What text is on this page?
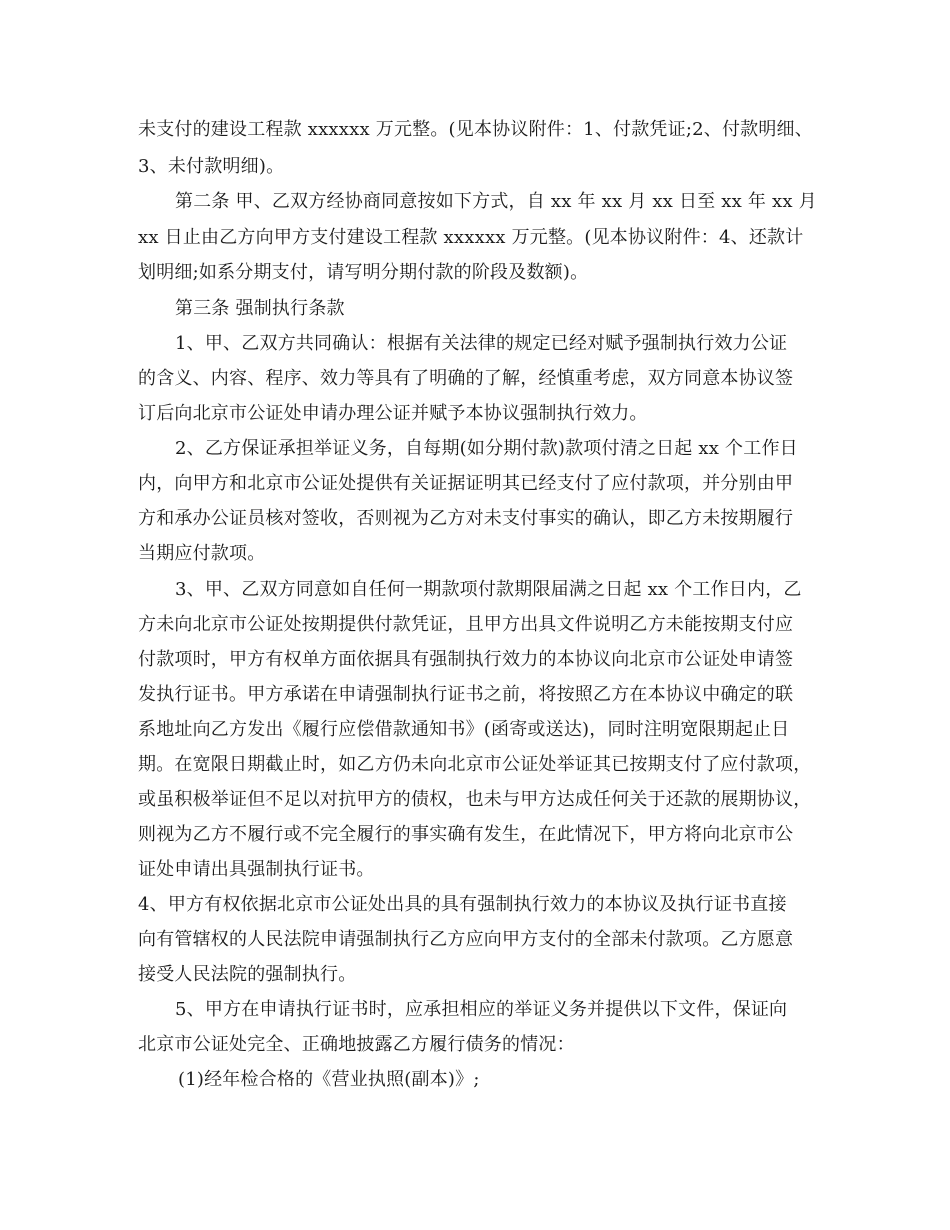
未支付的建设工程款 xxxxxx 万元整。(见本协议附件：1、付款凭证;2、付款明细、
3、未付款明细)。
第二条 甲、乙双方经协商同意按如下方式，自 xx 年 xx 月 xx 日至 xx 年 xx 月
xx 日止由乙方向甲方支付建设工程款 xxxxxx 万元整。(见本协议附件：4、还款计
划明细;如系分期支付，请写明分期付款的阶段及数额)。
第三条 强制执行条款
1、甲、乙双方共同确认：根据有关法律的规定已经对赋予强制执行效力公证
的含义、内容、程序、效力等具有了明确的了解，经慎重考虑，双方同意本协议签
订后向北京市公证处申请办理公证并赋予本协议强制执行效力。
2、乙方保证承担举证义务，自每期(如分期付款)款项付清之日起 xx 个工作日
内，向甲方和北京市公证处提供有关证据证明其已经支付了应付款项，并分别由甲
方和承办公证员核对签收，否则视为乙方对未支付事实的确认，即乙方未按期履行
当期应付款项。
3、甲、乙双方同意如自任何一期款项付款期限届满之日起 xx 个工作日内，乙
方未向北京市公证处按期提供付款凭证，且甲方出具文件说明乙方未能按期支付应
付款项时，甲方有权单方面依据具有强制执行效力的本协议向北京市公证处申请签
发执行证书。甲方承诺在申请强制执行证书之前，将按照乙方在本协议中确定的联
系地址向乙方发出《履行应偿借款通知书》(函寄或送达)，同时注明宽限期起止日
期。在宽限日期截止时，如乙方仍未向北京市公证处举证其已按期支付了应付款项，
或虽积极举证但不足以对抗甲方的债权，也未与甲方达成任何关于还款的展期协议，
则视为乙方不履行或不完全履行的事实确有发生，在此情况下，甲方将向北京市公
证处申请出具强制执行证书。
4、甲方有权依据北京市公证处出具的具有强制执行效力的本协议及执行证书直接
向有管辖权的人民法院申请强制执行乙方应向甲方支付的全部未付款项。乙方愿意
接受人民法院的强制执行。
5、甲方在申请执行证书时，应承担相应的举证义务并提供以下文件，保证向
北京市公证处完全、正确地披露乙方履行债务的情况：
(1)经年检合格的《营业执照(副本)》;
